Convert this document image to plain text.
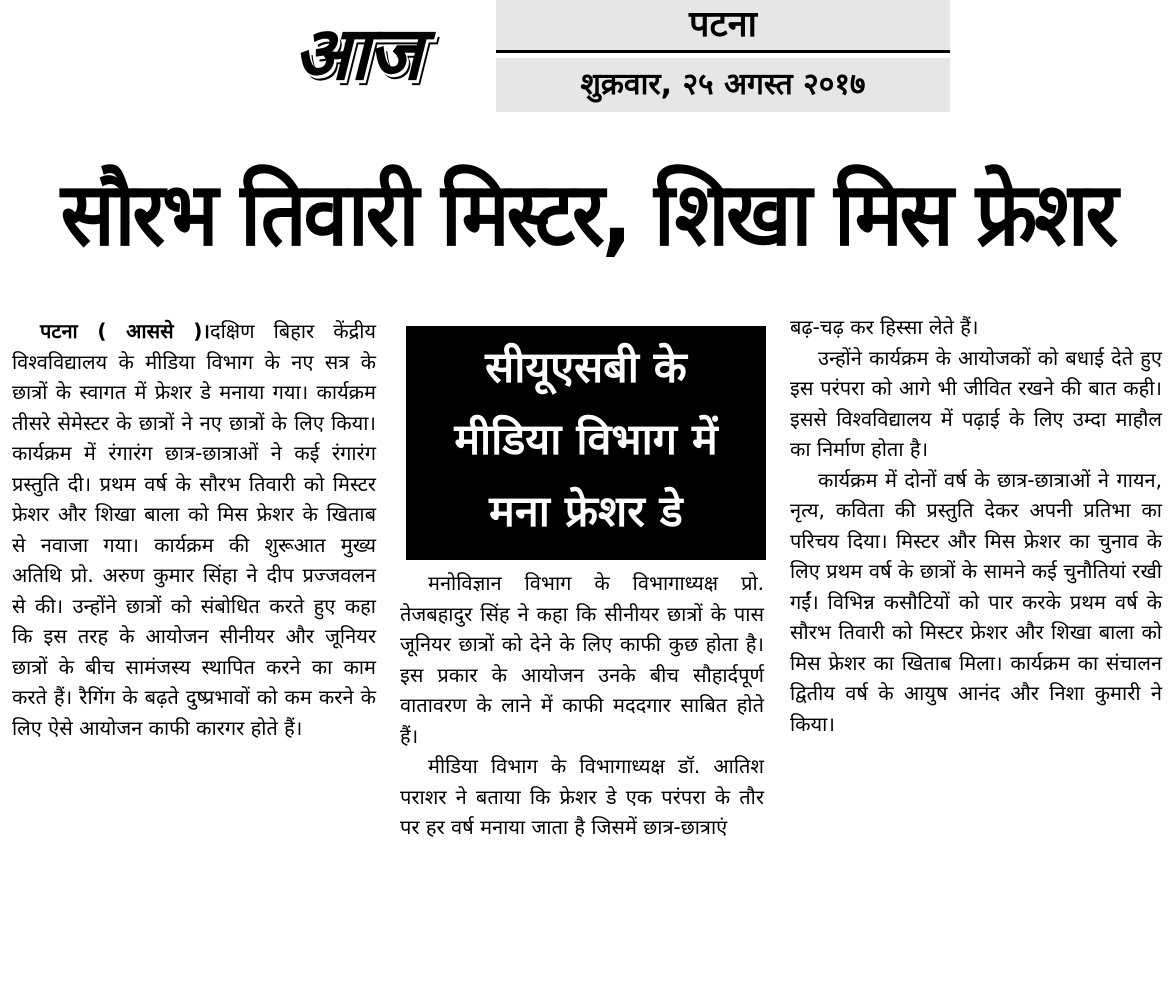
आज	पटना
शुक्रवार, २५ अगस्त २०१७
सौरभ तिवारी मिस्टर, शिखा मिस फ्रेशर

पटना ( आससे )।दक्षिण बिहार केंद्रीय विश्वविद्यालय के मीडिया विभाग के नए सत्र के छात्रों के स्वागत में फ्रेशर डे मनाया गया। कार्यक्रम तीसरे सेमेस्टर के छात्रों ने नए छात्रों के लिए किया। कार्यक्रम में रंगारंग छात्र-छात्राओं ने कई रंगारंग प्रस्तुति दी। प्रथम वर्ष के सौरभ तिवारी को मिस्टर फ्रेशर और शिखा बाला को मिस फ्रेशर के खिताब से नवाजा गया। कार्यक्रम की शुरूआत मुख्य अतिथि प्रो. अरुण कुमार सिंहा ने दीप प्रज्जवलन से की। उन्होंने छात्रों को संबोधित करते हुए कहा कि इस तरह के आयोजन सीनीयर और जूनियर छात्रों के बीच सामंजस्य स्थापित करने का काम करते हैं। रैगिंग के बढ़ते दुष्प्रभावों को कम करने के लिए ऐसे आयोजन काफी कारगर होते हैं।

सीयूएसबी के
मीडिया विभाग में
मना फ्रेशर डे

मनोविज्ञान विभाग के विभागाध्यक्ष प्रो. तेजबहादुर सिंह ने कहा कि सीनीयर छात्रों के पास जूनियर छात्रों को देने के लिए काफी कुछ होता है। इस प्रकार के आयोजन उनके बीच सौहार्दपूर्ण वातावरण के लाने में काफी मददगार साबित होते हैं।

मीडिया विभाग के विभागाध्यक्ष डॉ. आतिश पराशर ने बताया कि फ्रेशर डे एक परंपरा के तौर पर हर वर्ष मनाया जाता है जिसमें छात्र-छात्राएं

बढ़-चढ़ कर हिस्सा लेते हैं।

उन्होंने कार्यक्रम के आयोजकों को बधाई देते हुए इस परंपरा को आगे भी जीवित रखने की बात कही। इससे विश्वविद्यालय में पढ़ाई के लिए उम्दा माहौल का निर्माण होता है।

कार्यक्रम में दोनों वर्ष के छात्र-छात्राओं ने गायन, नृत्य, कविता की प्रस्तुति देकर अपनी प्रतिभा का परिचय दिया। मिस्टर और मिस फ्रेशर का चुनाव के लिए प्रथम वर्ष के छात्रों के सामने कई चुनौतियां रखी गईं। विभिन्न कसौटियों को पार करके प्रथम वर्ष के सौरभ तिवारी को मिस्टर फ्रेशर और शिखा बाला को मिस फ्रेशर का खिताब मिला। कार्यक्रम का संचालन द्वितीय वर्ष के आयुष आनंद और निशा कुमारी ने किया।
